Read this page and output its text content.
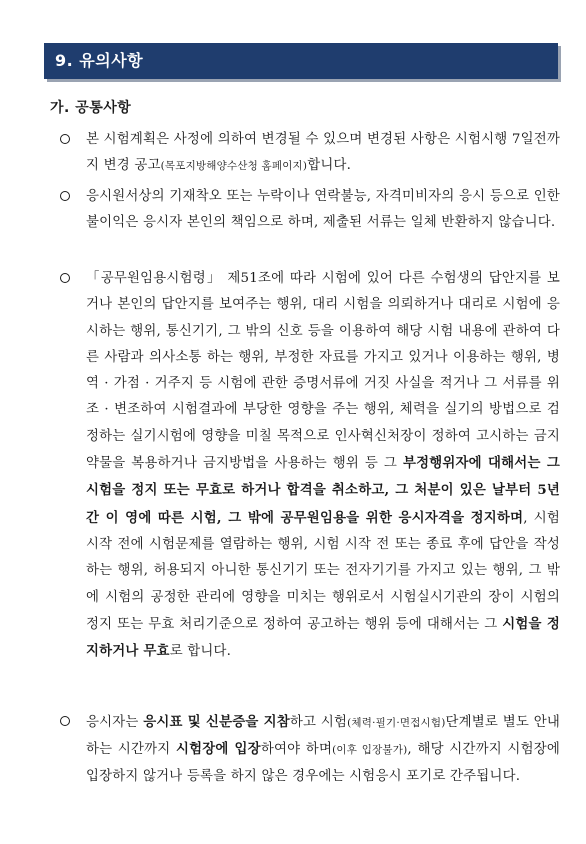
9. 유의사항
가. 공통사항
본 시험계획은 사정에 의하여 변경될 수 있으며 변경된 사항은 시험시행 7일전까지 변경 공고(목포지방해양수산청 홈페이지)합니다.
응시원서상의 기재착오 또는 누락이나 연락불능, 자격미비자의 응시 등으로 인한 불이익은 응시자 본인의 책임으로 하며, 제출된 서류는 일체 반환하지 않습니다.
「공무원임용시험령」 제51조에 따라 시험에 있어 다른 수험생의 답안지를 보거나 본인의 답안지를 보여주는 행위, 대리 시험을 의뢰하거나 대리로 시험에 응시하는 행위, 통신기기, 그 밖의 신호 등을 이용하여 해당 시험 내용에 관하여 다른 사람과 의사소통 하는 행위, 부정한 자료를 가지고 있거나 이용하는 행위, 병역 · 가점 · 거주지 등 시험에 관한 증명서류에 거짓 사실을 적거나 그 서류를 위조 · 변조하여 시험결과에 부당한 영향을 주는 행위, 체력을 실기의 방법으로 검정하는 실기시험에 영향을 미칠 목적으로 인사혁신처장이 정하여 고시하는 금지약물을 복용하거나 금지방법을 사용하는 행위 등 그 부정행위자에 대해서는 그 시험을 정지 또는 무효로 하거나 합격을 취소하고, 그 처분이 있은 날부터 5년간 이 영에 따른 시험, 그 밖에 공무원임용을 위한 응시자격을 정지하며, 시험 시작 전에 시험문제를 열람하는 행위, 시험 시작 전 또는 종료 후에 답안을 작성하는 행위, 허용되지 아니한 통신기기 또는 전자기기를 가지고 있는 행위, 그 밖에 시험의 공정한 관리에 영향을 미치는 행위로서 시험실시기관의 장이 시험의 정지 또는 무효 처리기준으로 정하여 공고하는 행위 등에 대해서는 그 시험을 정지하거나 무효로 합니다.
응시자는 응시표 및 신분증을 지참하고 시험(체력·필기·면접시험)단계별로 별도 안내하는 시간까지 시험장에 입장하여야 하며(이후 입장불가), 해당 시간까지 시험장에 입장하지 않거나 등록을 하지 않은 경우에는 시험응시 포기로 간주됩니다.
